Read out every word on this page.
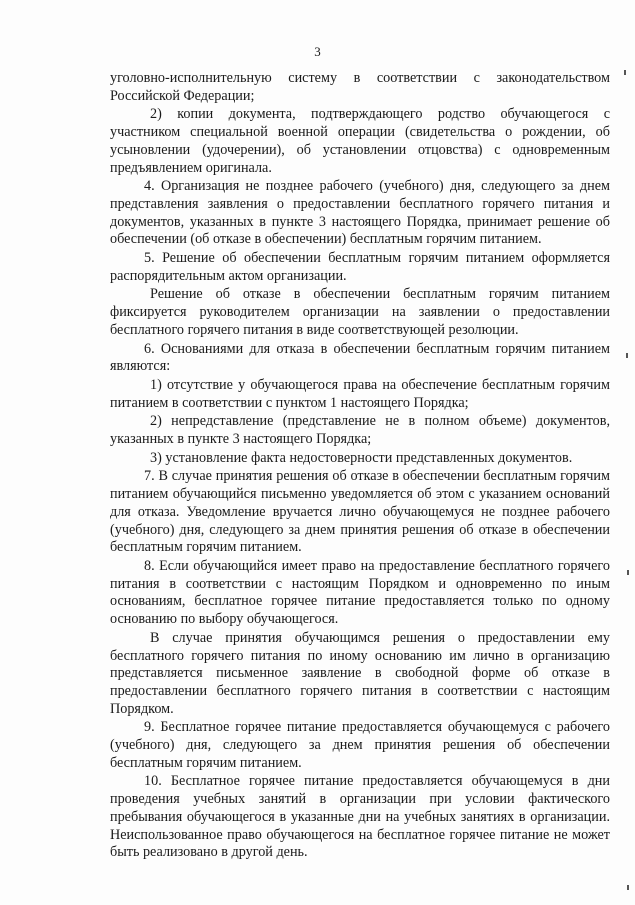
3

уголовно-исполнительную систему в соответствии с законодательством Российской Федерации;

2) копии документа, подтверждающего родство обучающегося с участником специальной военной операции (свидетельства о рождении, об усыновлении (удочерении), об установлении отцовства) с одновременным предъявлением оригинала.

4. Организация не позднее рабочего (учебного) дня, следующего за днем представления заявления о предоставлении бесплатного горячего питания и документов, указанных в пункте 3 настоящего Порядка, принимает решение об обеспечении (об отказе в обеспечении) бесплатным горячим питанием.

5. Решение об обеспечении бесплатным горячим питанием оформляется распорядительным актом организации.

Решение об отказе в обеспечении бесплатным горячим питанием фиксируется руководителем организации на заявлении о предоставлении бесплатного горячего питания в виде соответствующей резолюции.

6. Основаниями для отказа в обеспечении бесплатным горячим питанием являются:

1) отсутствие у обучающегося права на обеспечение бесплатным горячим питанием в соответствии с пунктом 1 настоящего Порядка;

2) непредставление (представление не в полном объеме) документов, указанных в пункте 3 настоящего Порядка;

3) установление факта недостоверности представленных документов.

7. В случае принятия решения об отказе в обеспечении бесплатным горячим питанием обучающийся письменно уведомляется об этом с указанием оснований для отказа. Уведомление вручается лично обучающемуся не позднее рабочего (учебного) дня, следующего за днем принятия решения об отказе в обеспечении бесплатным горячим питанием.

8. Если обучающийся имеет право на предоставление бесплатного горячего питания в соответствии с настоящим Порядком и одновременно по иным основаниям, бесплатное горячее питание предоставляется только по одному основанию по выбору обучающегося.

В случае принятия обучающимся решения о предоставлении ему бесплатного горячего питания по иному основанию им лично в организацию представляется письменное заявление в свободной форме об отказе в предоставлении бесплатного горячего питания в соответствии с настоящим Порядком.

9. Бесплатное горячее питание предоставляется обучающемуся с рабочего (учебного) дня, следующего за днем принятия решения об обеспечении бесплатным горячим питанием.

10. Бесплатное горячее питание предоставляется обучающемуся в дни проведения учебных занятий в организации при условии фактического пребывания обучающегося в указанные дни на учебных занятиях в организации. Неиспользованное право обучающегося на бесплатное горячее питание не может быть реализовано в другой день.
